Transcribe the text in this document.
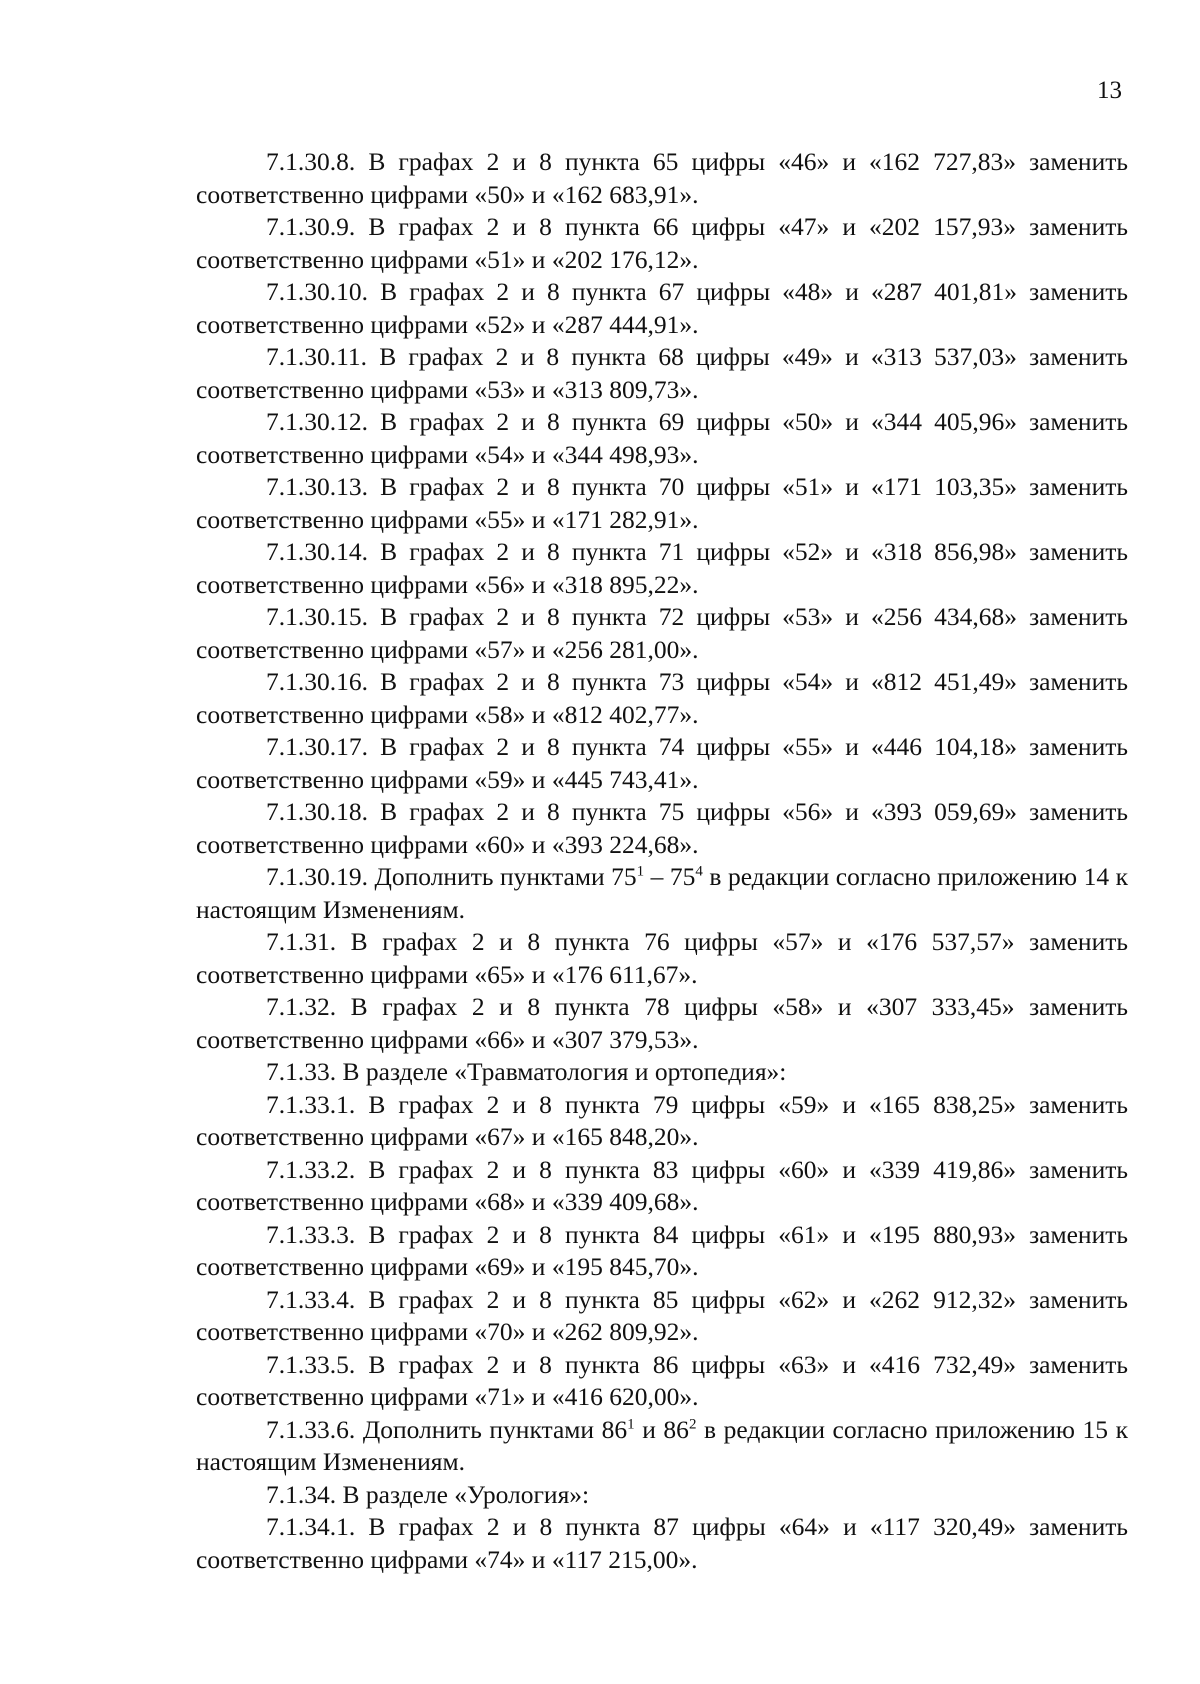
13

7.1.30.8. В графах 2 и 8 пункта 65 цифры «46» и «162 727,83» заменить соответственно цифрами «50» и «162 683,91».

7.1.30.9. В графах 2 и 8 пункта 66 цифры «47» и «202 157,93» заменить соответственно цифрами «51» и «202 176,12».

7.1.30.10. В графах 2 и 8 пункта 67 цифры «48» и «287 401,81» заменить соответственно цифрами «52» и «287 444,91».

7.1.30.11. В графах 2 и 8 пункта 68 цифры «49» и «313 537,03» заменить соответственно цифрами «53» и «313 809,73».

7.1.30.12. В графах 2 и 8 пункта 69 цифры «50» и «344 405,96» заменить соответственно цифрами «54» и «344 498,93».

7.1.30.13. В графах 2 и 8 пункта 70 цифры «51» и «171 103,35» заменить соответственно цифрами «55» и «171 282,91».

7.1.30.14. В графах 2 и 8 пункта 71 цифры «52» и «318 856,98» заменить соответственно цифрами «56» и «318 895,22».

7.1.30.15. В графах 2 и 8 пункта 72 цифры «53» и «256 434,68» заменить соответственно цифрами «57» и «256 281,00».

7.1.30.16. В графах 2 и 8 пункта 73 цифры «54» и «812 451,49» заменить соответственно цифрами «58» и «812 402,77».

7.1.30.17. В графах 2 и 8 пункта 74 цифры «55» и «446 104,18» заменить соответственно цифрами «59» и «445 743,41».

7.1.30.18. В графах 2 и 8 пункта 75 цифры «56» и «393 059,69» заменить соответственно цифрами «60» и «393 224,68».

7.1.30.19. Дополнить пунктами $75^1 - 75^4$ в редакции согласно приложению 14 к настоящим Изменениям.

7.1.31. В графах 2 и 8 пункта 76 цифры «57» и «176 537,57» заменить соответственно цифрами «65» и «176 611,67».

7.1.32. В графах 2 и 8 пункта 78 цифры «58» и «307 333,45» заменить соответственно цифрами «66» и «307 379,53».

7.1.33. В разделе «Травматология и ортопедия»:

7.1.33.1. В графах 2 и 8 пункта 79 цифры «59» и «165 838,25» заменить соответственно цифрами «67» и «165 848,20».

7.1.33.2. В графах 2 и 8 пункта 83 цифры «60» и «339 419,86» заменить соответственно цифрами «68» и «339 409,68».

7.1.33.3. В графах 2 и 8 пункта 84 цифры «61» и «195 880,93» заменить соответственно цифрами «69» и «195 845,70».

7.1.33.4. В графах 2 и 8 пункта 85 цифры «62» и «262 912,32» заменить соответственно цифрами «70» и «262 809,92».

7.1.33.5. В графах 2 и 8 пункта 86 цифры «63» и «416 732,49» заменить соответственно цифрами «71» и «416 620,00».

7.1.33.6. Дополнить пунктами $86^1$ и $86^2$ в редакции согласно приложению 15 к настоящим Изменениям.

7.1.34. В разделе «Урология»:

7.1.34.1. В графах 2 и 8 пункта 87 цифры «64» и «117 320,49» заменить соответственно цифрами «74» и «117 215,00».
